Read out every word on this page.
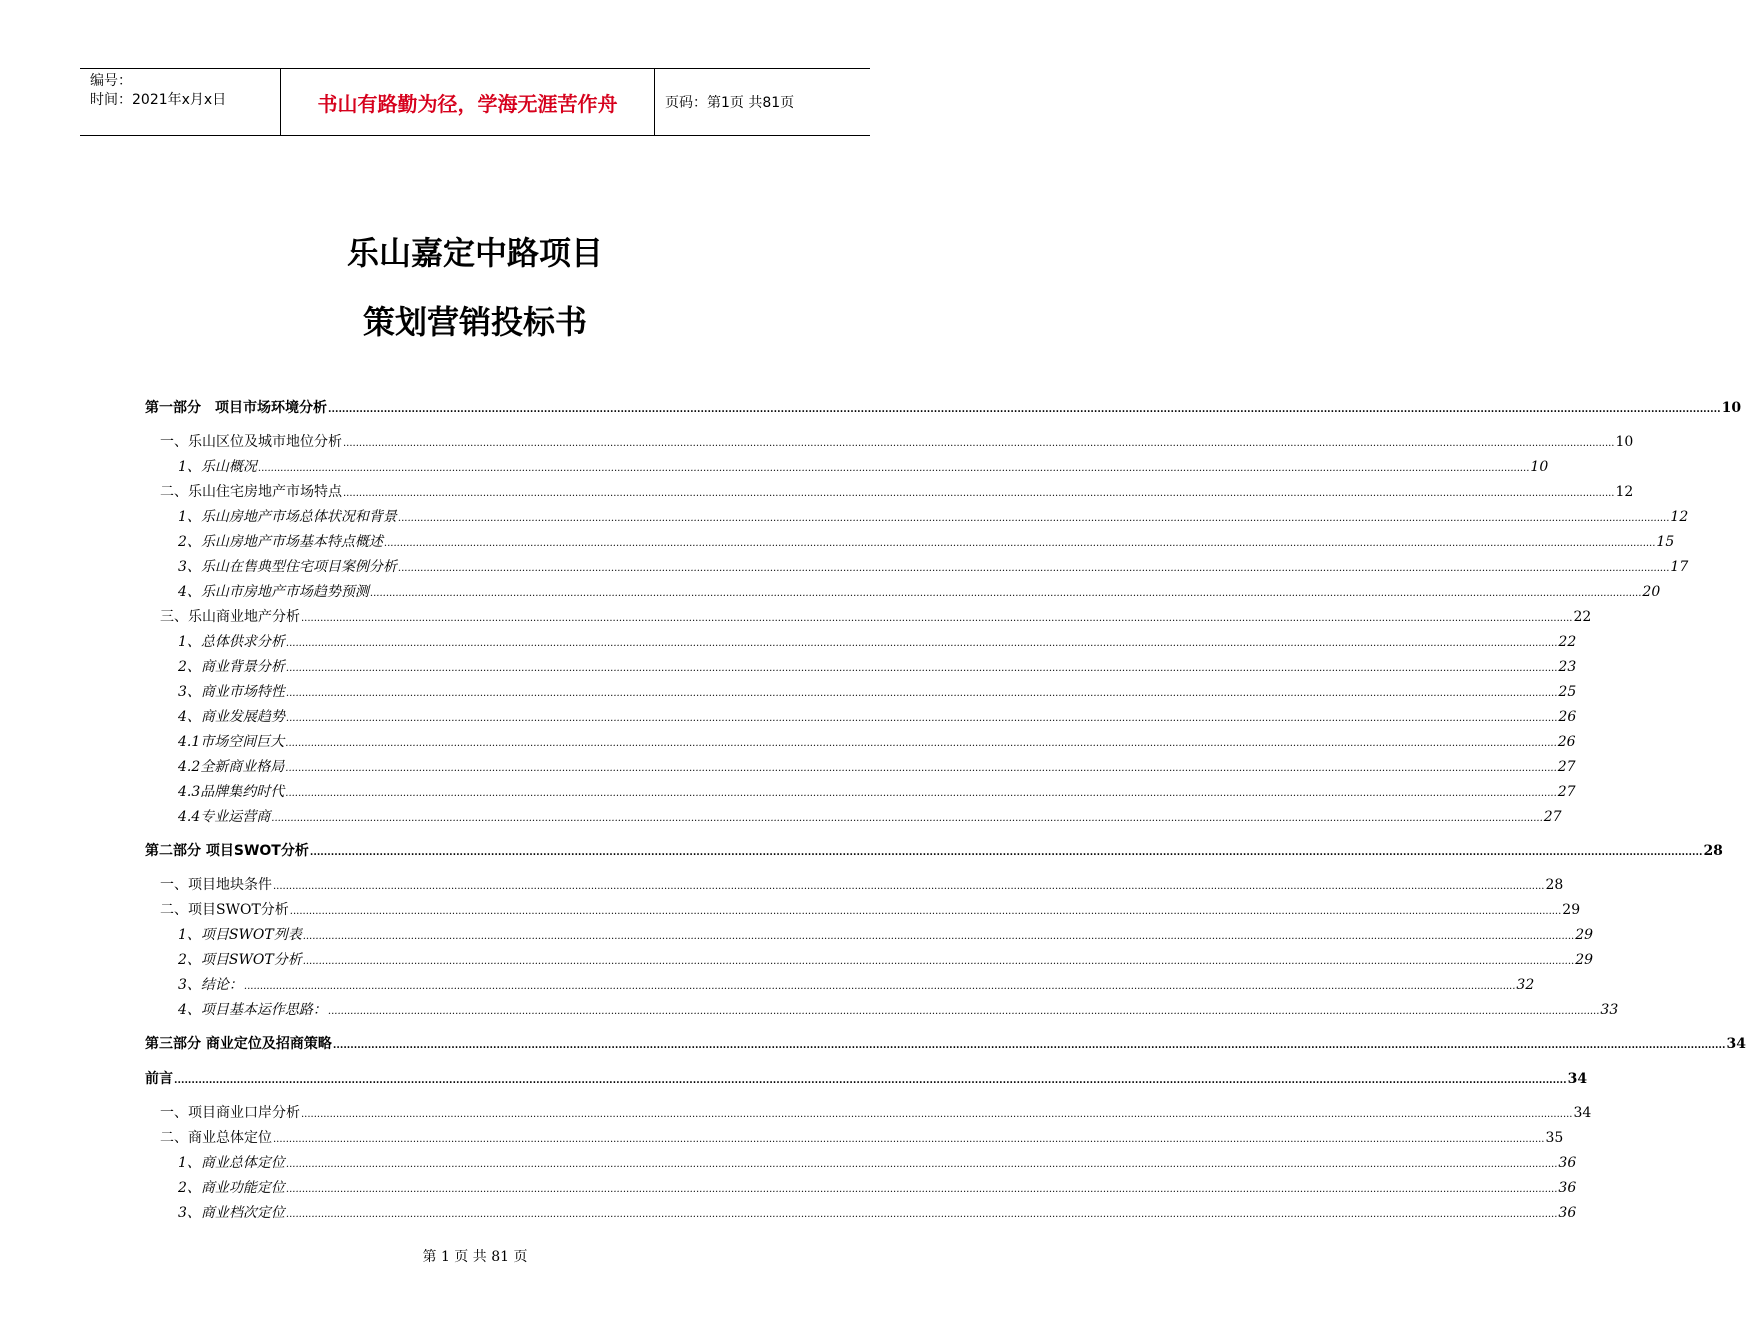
编号：
时间：2021年x月x日	书山有路勤为径，学海无涯苦作舟	页码：第1页 共81页
乐山嘉定中路项目
策划营销投标书
第一部分　项目市场环境分析 ................................................................................................................................................................................................................................................................................................................................................................................................................ 10
一、乐山区位及城市地位分析 ................................................................................................................................................................................................................................................................................................................................................................................................................ 10
1、乐山概况 ................................................................................................................................................................................................................................................................................................................................................................................................................ 10
二、乐山住宅房地产市场特点 ................................................................................................................................................................................................................................................................................................................................................................................................................ 12
1、乐山房地产市场总体状况和背景 ................................................................................................................................................................................................................................................................................................................................................................................................................ 12
2、乐山房地产市场基本特点概述 ................................................................................................................................................................................................................................................................................................................................................................................................................ 15
3、乐山在售典型住宅项目案例分析 ................................................................................................................................................................................................................................................................................................................................................................................................................ 17
4、乐山市房地产市场趋势预测 ................................................................................................................................................................................................................................................................................................................................................................................................................ 20
三、乐山商业地产分析 ................................................................................................................................................................................................................................................................................................................................................................................................................ 22
1、总体供求分析 ................................................................................................................................................................................................................................................................................................................................................................................................................ 22
2、商业背景分析 ................................................................................................................................................................................................................................................................................................................................................................................................................ 23
3、商业市场特性 ................................................................................................................................................................................................................................................................................................................................................................................................................ 25
4、商业发展趋势 ................................................................................................................................................................................................................................................................................................................................................................................................................ 26
4.1市场空间巨大 ................................................................................................................................................................................................................................................................................................................................................................................................................ 26
4.2全新商业格局 ................................................................................................................................................................................................................................................................................................................................................................................................................ 27
4.3品牌集约时代 ................................................................................................................................................................................................................................................................................................................................................................................................................ 27
4.4专业运营商 ................................................................................................................................................................................................................................................................................................................................................................................................................ 27
第二部分 项目SWOT分析 ................................................................................................................................................................................................................................................................................................................................................................................................................ 28
一、项目地块条件 ................................................................................................................................................................................................................................................................................................................................................................................................................ 28
二、项目SWOT分析 ................................................................................................................................................................................................................................................................................................................................................................................................................ 29
1、项目SWOT列表 ................................................................................................................................................................................................................................................................................................................................................................................................................ 29
2、项目SWOT分析 ................................................................................................................................................................................................................................................................................................................................................................................................................ 29
3、结论： ................................................................................................................................................................................................................................................................................................................................................................................................................ 32
4、项目基本运作思路： ................................................................................................................................................................................................................................................................................................................................................................................................................ 33
第三部分 商业定位及招商策略 ................................................................................................................................................................................................................................................................................................................................................................................................................ 34
前言 ................................................................................................................................................................................................................................................................................................................................................................................................................ 34
一、项目商业口岸分析 ................................................................................................................................................................................................................................................................................................................................................................................................................ 34
二、商业总体定位 ................................................................................................................................................................................................................................................................................................................................................................................................................ 35
1、商业总体定位 ................................................................................................................................................................................................................................................................................................................................................................................................................ 36
2、商业功能定位 ................................................................................................................................................................................................................................................................................................................................................................................................................ 36
3、商业档次定位 ................................................................................................................................................................................................................................................................................................................................................................................................................ 36
第 1 页 共 81 页
